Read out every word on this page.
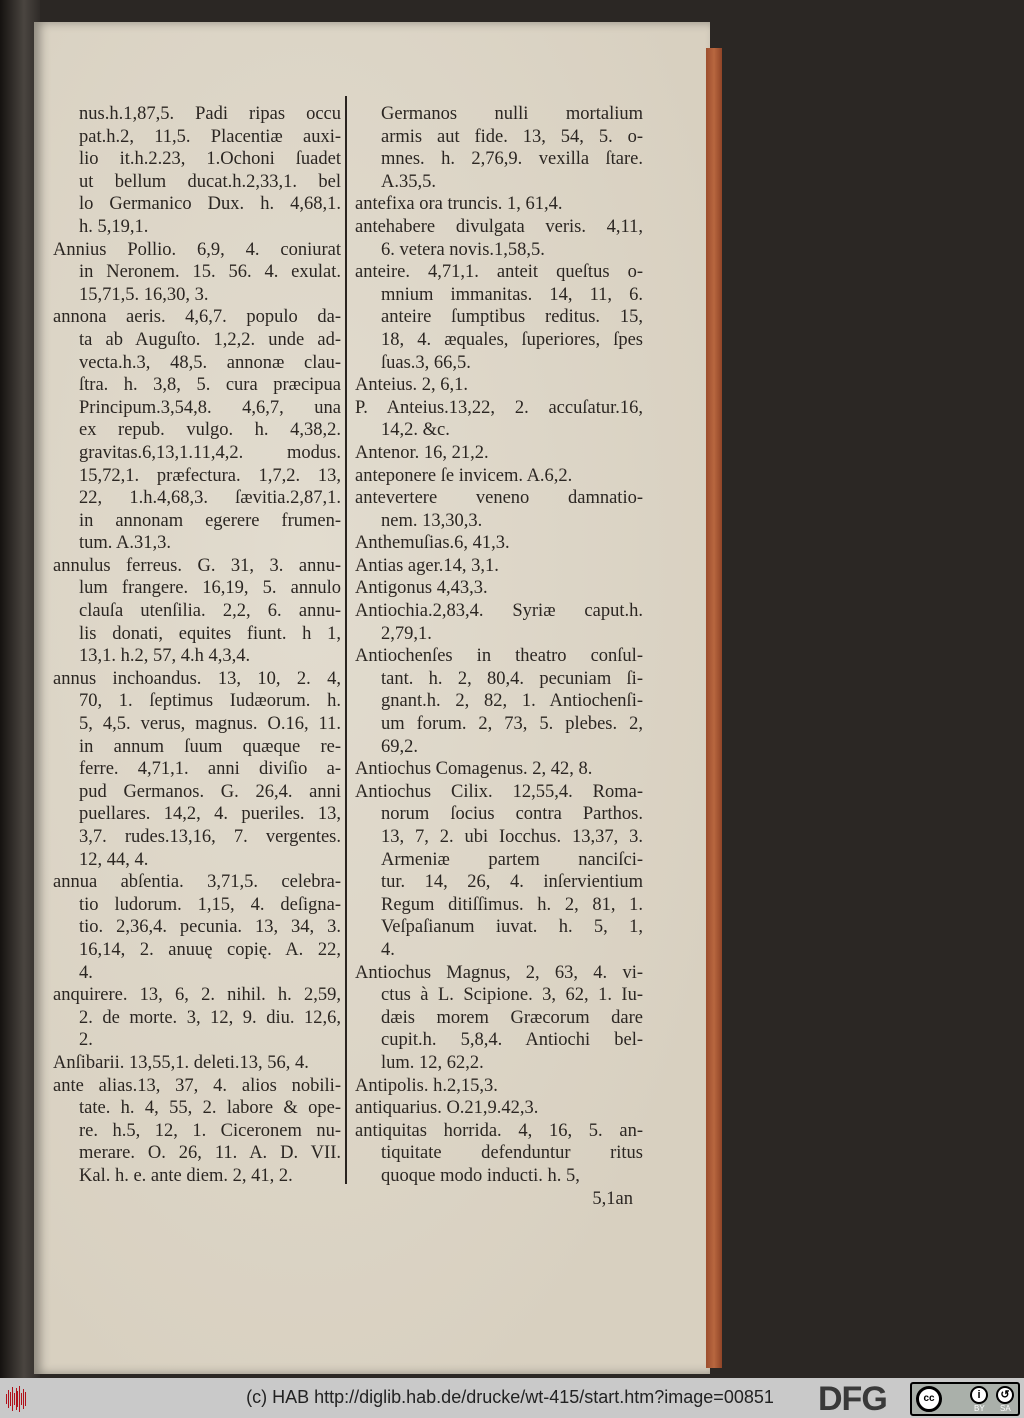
nus.h.1,87,5. Padi ripas occu
pat.h.2, 11,5. Placentiæ auxi-
lio it.h.2.23, 1.Ochoni ſuadet
ut bellum ducat.h.2,33,1. bel
lo Germanico Dux. h. 4,68,1.
h. 5,19,1.
Annius Pollio. 6,9, 4. coniurat
in Neronem. 15. 56. 4. exulat.
15,71,5. 16,30, 3.
annona aeris. 4,6,7. populo da-
ta ab Auguſto. 1,2,2. unde ad-
vecta.h.3, 48,5. annonæ clau-
ſtra. h. 3,8, 5. cura præcipua
Principum.3,54,8. 4,6,7, una
ex repub. vulgo. h. 4,38,2.
gravitas.6,13,1.11,4,2. modus.
15,72,1. præfectura. 1,7,2. 13,
22, 1.h.4,68,3. ſævitia.2,87,1.
in annonam egerere frumen-
tum. A.31,3.
annulus ferreus. G. 31, 3. annu-
lum frangere. 16,19, 5. annulo
clauſa utenſilia. 2,2, 6. annu-
lis donati, equites fiunt. h 1,
13,1. h.2, 57, 4.h 4,3,4.
annus inchoandus. 13, 10, 2. 4,
70, 1. ſeptimus Iudæorum. h.
5, 4,5. verus, magnus. O.16, 11.
in annum ſuum quæque re-
ferre. 4,71,1. anni diviſio a-
pud Germanos. G. 26,4. anni
puellares. 14,2, 4. pueriles. 13,
3,7. rudes.13,16, 7. vergentes.
12, 44, 4.
annua abſentia. 3,71,5. celebra-
tio ludorum. 1,15, 4. deſigna-
tio. 2,36,4. pecunia. 13, 34, 3.
16,14, 2. anuuę copię. A. 22,
4.
anquirere. 13, 6, 2. nihil. h. 2,59,
2. de morte. 3, 12, 9. diu. 12,6,
2.
Anſibarii. 13,55,1. deleti.13, 56, 4.
ante alias.13, 37, 4. alios nobili-
tate. h. 4, 55, 2. labore & ope-
re. h.5, 12, 1. Ciceronem nu-
merare. O. 26, 11. A. D. VII.
Kal. h. e. ante diem. 2, 41, 2.
Germanos nulli mortalium
armis aut fide. 13, 54, 5. o-
mnes. h. 2,76,9. vexilla ſtare.
A.35,5.
antefixa ora truncis. 1, 61,4.
antehabere divulgata veris. 4,11,
6. vetera novis.1,58,5.
anteire. 4,71,1. anteit queſtus o-
mnium immanitas. 14, 11, 6.
anteire ſumptibus reditus. 15,
18, 4. æquales, ſuperiores, ſpes
ſuas.3, 66,5.
Anteius. 2, 6,1.
P. Anteius.13,22, 2. accuſatur.16,
14,2. &c.
Antenor. 16, 21,2.
anteponere ſe invicem. A.6,2.
antevertere veneno damnatio-
nem. 13,30,3.
Anthemuſias.6, 41,3.
Antias ager.14, 3,1.
Antigonus 4,43,3.
Antiochia.2,83,4. Syriæ caput.h.
2,79,1.
Antiochenſes in theatro conſul-
tant. h. 2, 80,4. pecuniam ſi-
gnant.h. 2, 82, 1. Antiochenſi-
um forum. 2, 73, 5. plebes. 2,
69,2.
Antiochus Comagenus. 2, 42, 8.
Antiochus Cilix. 12,55,4. Roma-
norum ſocius contra Parthos.
13, 7, 2. ubi Iocchus. 13,37, 3.
Armeniæ partem nanciſci-
tur. 14, 26, 4. inſervientium
Regum ditiſſimus. h. 2, 81, 1.
Veſpaſianum iuvat. h. 5, 1,
4.
Antiochus Magnus, 2, 63, 4. vi-
ctus à L. Scipione. 3, 62, 1. Iu-
dæis morem Græcorum dare
cupit.h. 5,8,4. Antiochi bel-
lum. 12, 62,2.
Antipolis. h.2,15,3.
antiquarius. O.21,9.42,3.
antiquitas horrida. 4, 16, 5. an-
tiquitate defenduntur ritus
quoque modo inducti. h. 5,
5,1an
(c) HAB http://diglib.hab.de/drucke/wt-415/start.htm?image=00851 DFG	cc	i	↺
BY SA
